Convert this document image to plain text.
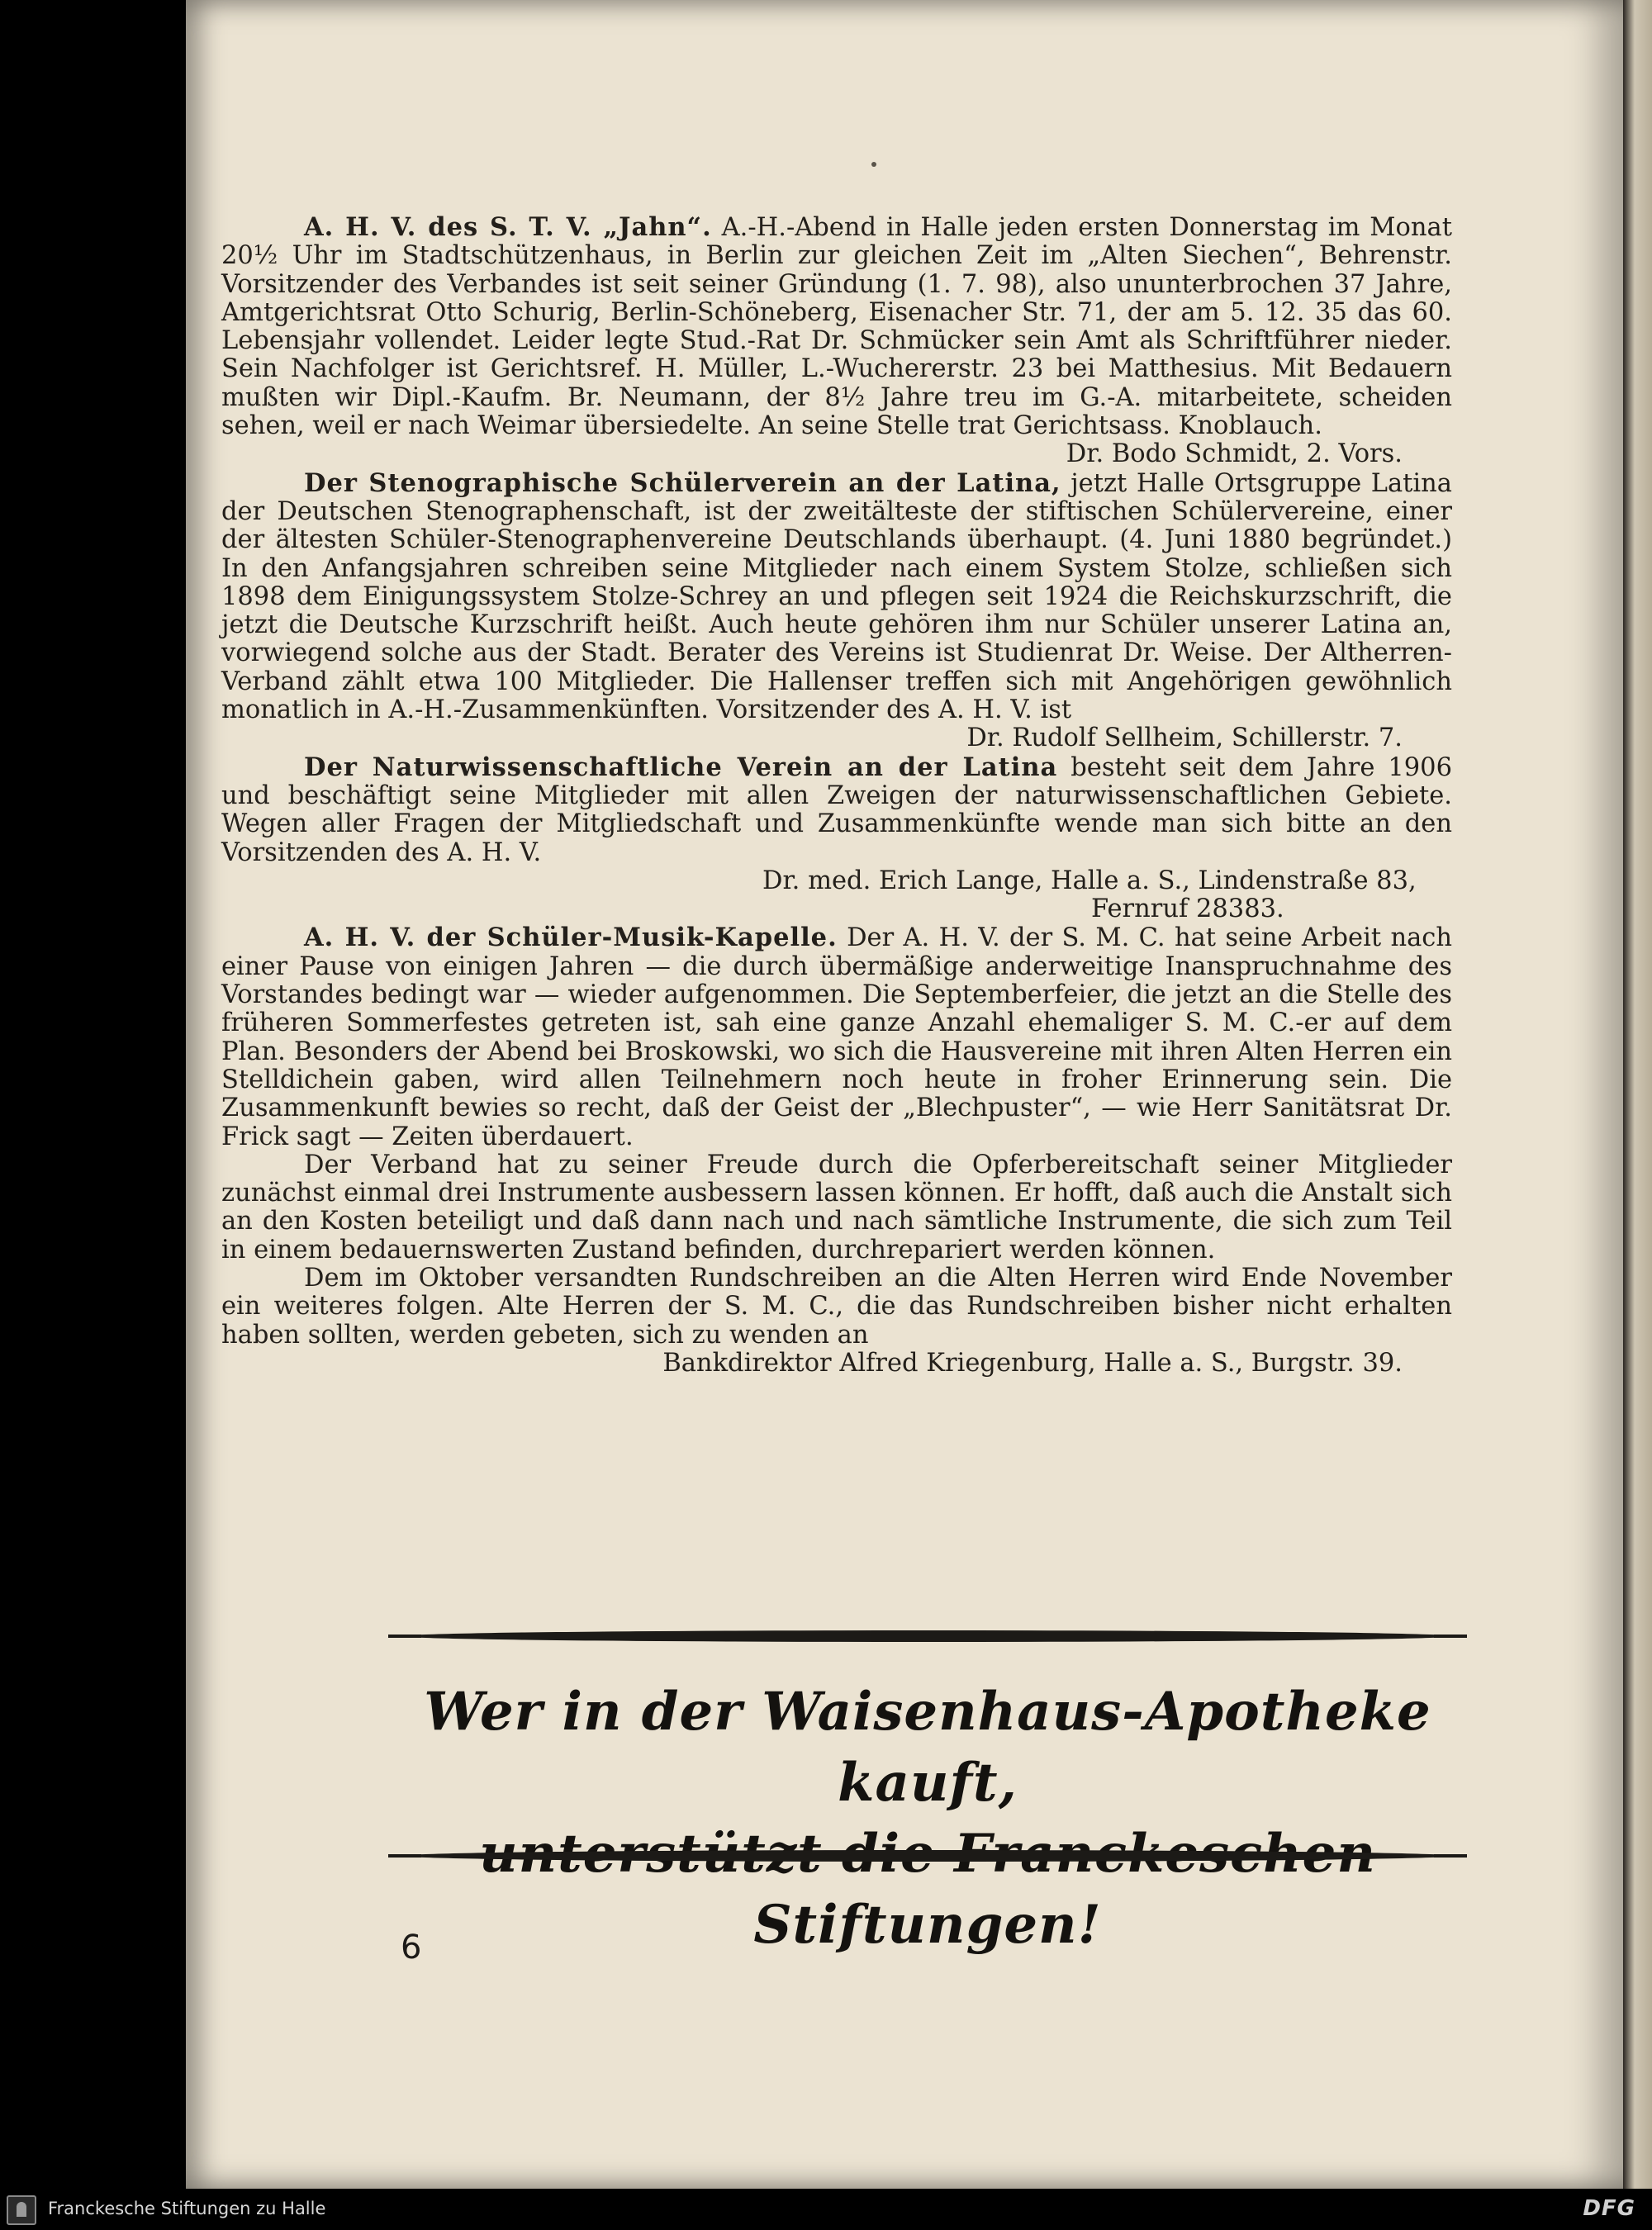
A. H. V. des S. T. V. „Jahn“. A.-H.-Abend in Halle jeden ersten Donnerstag im Monat 20½ Uhr im Stadtschützenhaus, in Berlin zur gleichen Zeit im „Alten Siechen“, Behrenstr. Vorsitzender des Verbandes ist seit seiner Gründung (1. 7. 98), also ununterbrochen 37 Jahre, Amtgerichtsrat Otto Schurig, Berlin-Schöneberg, Eisenacher Str. 71, der am 5. 12. 35 das 60. Lebensjahr vollendet. Leider legte Stud.-Rat Dr. Schmücker sein Amt als Schriftführer nieder. Sein Nachfolger ist Gerichtsref. H. Müller, L.-Wuchererstr. 23 bei Matthesius. Mit Bedauern mußten wir Dipl.-Kaufm. Br. Neumann, der 8½ Jahre treu im G.-A. mitarbeitete, scheiden sehen, weil er nach Weimar übersiedelte. An seine Stelle trat Gerichtsass. Knoblauch.

Dr. Bodo Schmidt, 2. Vors.

Der Stenographische Schülerverein an der Latina, jetzt Halle Ortsgruppe Latina der Deutschen Stenographenschaft, ist der zweitälteste der stiftischen Schülervereine, einer der ältesten Schüler-Stenographenvereine Deutschlands überhaupt. (4. Juni 1880 begründet.) In den Anfangsjahren schreiben seine Mitglieder nach einem System Stolze, schließen sich 1898 dem Einigungssystem Stolze-Schrey an und pflegen seit 1924 die Reichskurzschrift, die jetzt die Deutsche Kurzschrift heißt. Auch heute gehören ihm nur Schüler unserer Latina an, vorwiegend solche aus der Stadt. Berater des Vereins ist Studienrat Dr. Weise. Der Altherren-Verband zählt etwa 100 Mitglieder. Die Hallenser treffen sich mit Angehörigen gewöhnlich monatlich in A.-H.-Zusammenkünften. Vorsitzender des A. H. V. ist

Dr. Rudolf Sellheim, Schillerstr. 7.

Der Naturwissenschaftliche Verein an der Latina besteht seit dem Jahre 1906 und beschäftigt seine Mitglieder mit allen Zweigen der naturwissenschaftlichen Gebiete. Wegen aller Fragen der Mitgliedschaft und Zusammenkünfte wende man sich bitte an den Vorsitzenden des A. H. V.

Dr. med. Erich Lange, Halle a. S., Lindenstraße 83,

Fernruf 28383.

A. H. V. der Schüler-Musik-Kapelle. Der A. H. V. der S. M. C. hat seine Arbeit nach einer Pause von einigen Jahren — die durch übermäßige anderweitige Inanspruchnahme des Vorstandes bedingt war — wieder aufgenommen. Die Septemberfeier, die jetzt an die Stelle des früheren Sommerfestes getreten ist, sah eine ganze Anzahl ehemaliger S. M. C.-er auf dem Plan. Besonders der Abend bei Broskowski, wo sich die Hausvereine mit ihren Alten Herren ein Stelldichein gaben, wird allen Teilnehmern noch heute in froher Erinnerung sein. Die Zusammenkunft bewies so recht, daß der Geist der „Blechpuster“, — wie Herr Sanitätsrat Dr. Frick sagt — Zeiten überdauert.

Der Verband hat zu seiner Freude durch die Opferbereitschaft seiner Mitglieder zunächst einmal drei Instrumente ausbessern lassen können. Er hofft, daß auch die Anstalt sich an den Kosten beteiligt und daß dann nach und nach sämtliche Instrumente, die sich zum Teil in einem bedauernswerten Zustand befinden, durchrepariert werden können.

Dem im Oktober versandten Rundschreiben an die Alten Herren wird Ende November ein weiteres folgen. Alte Herren der S. M. C., die das Rundschreiben bisher nicht erhalten haben sollten, werden gebeten, sich zu wenden an

Bankdirektor Alfred Kriegenburg, Halle a. S., Burgstr. 39.

Wer in der Waisenhaus-Apotheke kauft,
unterstützt Franckeschen Stiftungen!
6
Franckesche Stiftungen zu Halle	DFG
